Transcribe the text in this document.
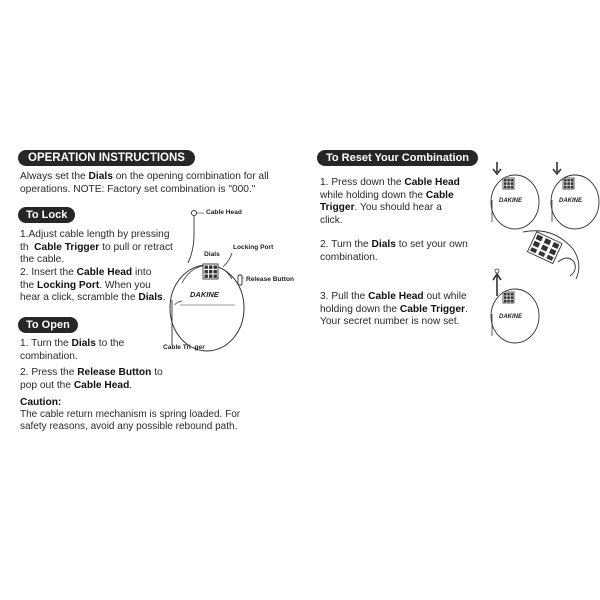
OPERATION INSTRUCTIONS
Always set the Dials on the opening combination for all operations. NOTE: Factory set combination is "000."
To Lock
1.Adjust cable length by pressing th  Cable Trigger to pull or retract the cable.
2. Insert the Cable Head into the Locking Port. When you hear a click, scramble the Dials.
To Open
1. Turn the Dials to the combination.
2. Press the Release Button to pop out the Cable Head.
Caution:
The cable return mechanism is spring loaded. For safety reasons, avoid any possible rebound path.
DAKINE
Cable Head
Locking Port
Dials
Release Button
Cable Tri  ger
To Reset Your Combination
1. Press down the Cable Head while holding down the Cable Trigger. You should hear a click.
2. Turn the Dials to set your own combination.
3. Pull the Cable Head out while holding down the Cable Trigger. Your secret number is now set.
DAKINE	DAKINE
DAKINE
